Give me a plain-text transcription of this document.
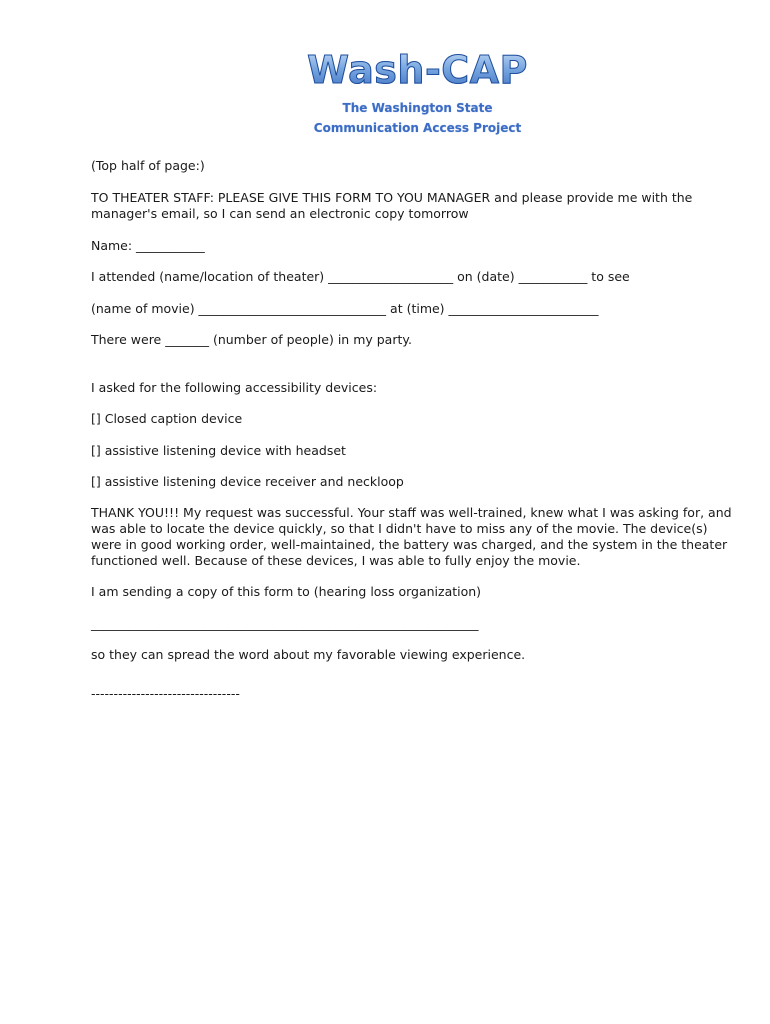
Wash-CAP
The Washington State
Communication Access Project
(Top half of page:)
TO THEATER STAFF: PLEASE GIVE THIS FORM TO YOU MANAGER and please provide me with the
manager's email, so I can send an electronic copy tomorrow
Name: ___________
I attended (name/location of theater) ____________________ on (date) ___________ to see
(name of movie) ______________________________ at (time) ________________________
There were _______ (number of people) in my party.
I asked for the following accessibility devices:
[] Closed caption device
[] assistive listening device with headset
[] assistive listening device receiver and neckloop
THANK YOU!!! My request was successful. Your staff was well-trained, knew what I was asking for, and
was able to locate the device quickly, so that I didn't have to miss any of the movie. The device(s)
were in good working order, well-maintained, the battery was charged, and the system in the theater
functioned well. Because of these devices, I was able to fully enjoy the movie.
I am sending a copy of this form to (hearing loss organization)
______________________________________________________________
so they can spread the word about my favorable viewing experience.
---------------------------------
